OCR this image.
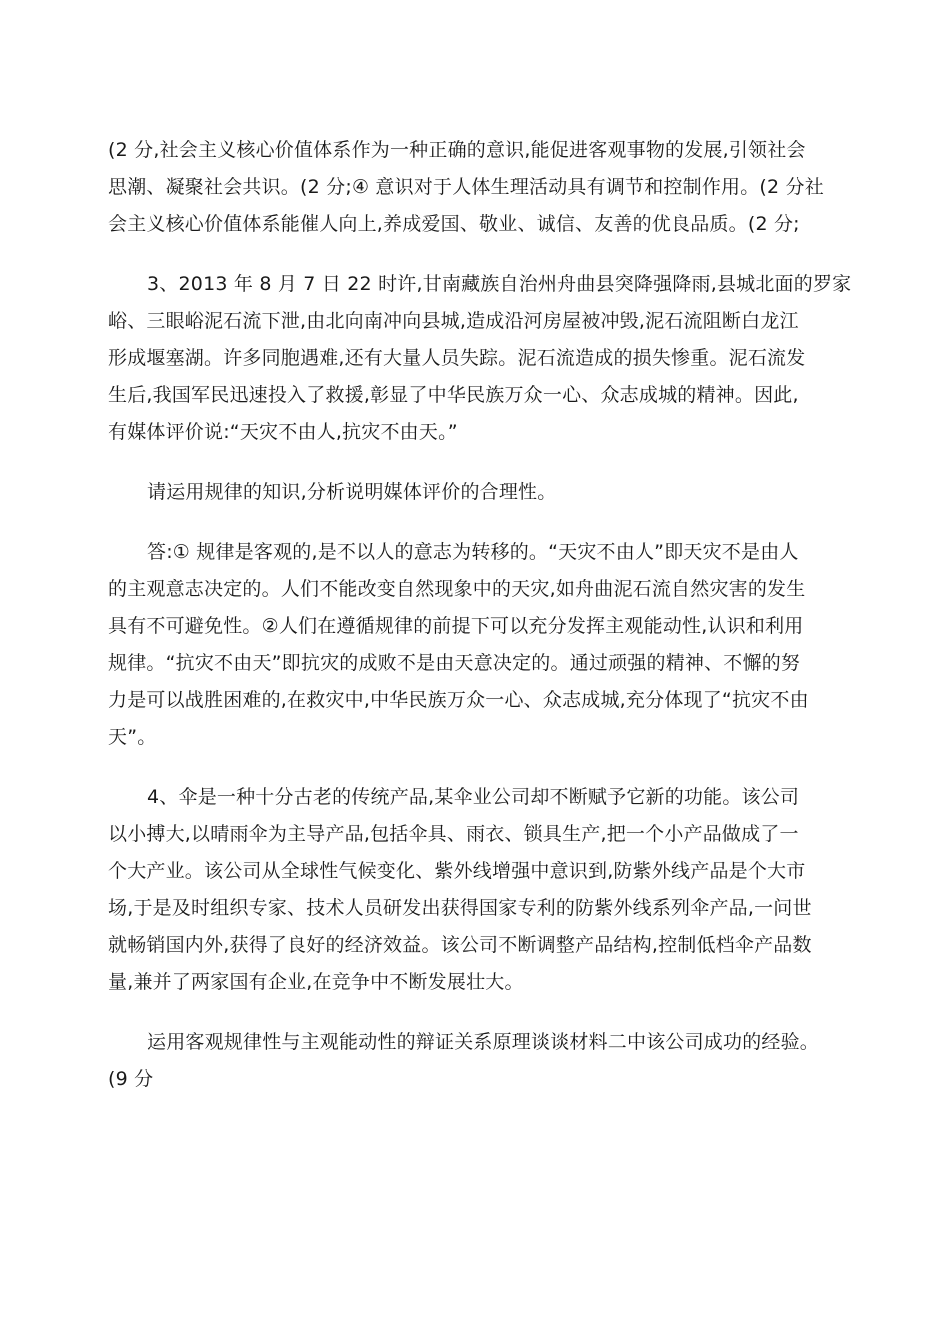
(2 分,社会主义核心价值体系作为一种正确的意识,能促进客观事物的发展,引领社会
思潮、凝聚社会共识。(2 分;④ 意识对于人体生理活动具有调节和控制作用。(2 分社
会主义核心价值体系能催人向上,养成爱国、敬业、诚信、友善的优良品质。(2 分;
3、2013 年 8 月 7 日 22 时许,甘南藏族自治州舟曲县突降强降雨,县城北面的罗家
峪、三眼峪泥石流下泄,由北向南冲向县城,造成沿河房屋被冲毁,泥石流阻断白龙江
形成堰塞湖。许多同胞遇难,还有大量人员失踪。泥石流造成的损失惨重。泥石流发
生后,我国军民迅速投入了救援,彰显了中华民族万众一心、众志成城的精神。因此,
有媒体评价说:“天灾不由人,抗灾不由天。”
请运用规律的知识,分析说明媒体评价的合理性。
答:① 规律是客观的,是不以人的意志为转移的。“天灾不由人”即天灾不是由人
的主观意志决定的。人们不能改变自然现象中的天灾,如舟曲泥石流自然灾害的发生
具有不可避免性。②人们在遵循规律的前提下可以充分发挥主观能动性,认识和利用
规律。“抗灾不由天”即抗灾的成败不是由天意决定的。通过顽强的精神、不懈的努
力是可以战胜困难的,在救灾中,中华民族万众一心、众志成城,充分体现了“抗灾不由
天”。
4、伞是一种十分古老的传统产品,某伞业公司却不断赋予它新的功能。该公司
以小搏大,以晴雨伞为主导产品,包括伞具、雨衣、锁具生产,把一个小产品做成了一
个大产业。该公司从全球性气候变化、紫外线增强中意识到,防紫外线产品是个大市
场,于是及时组织专家、技术人员研发出获得国家专利的防紫外线系列伞产品,一问世
就畅销国内外,获得了良好的经济效益。该公司不断调整产品结构,控制低档伞产品数
量,兼并了两家国有企业,在竞争中不断发展壮大。
运用客观规律性与主观能动性的辩证关系原理谈谈材料二中该公司成功的经验。
(9 分
